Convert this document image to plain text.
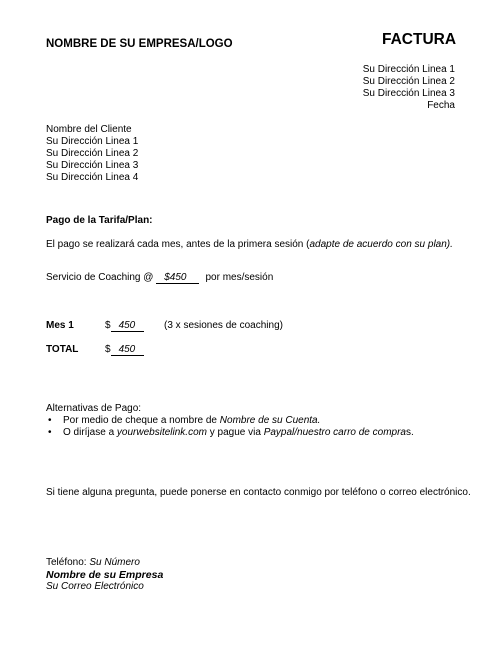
NOMBRE DE SU EMPRESA/LOGO	FACTURA
Su Dirección Linea 1
Su Dirección Linea 2
Su Dirección Linea 3
Fecha
Nombre del Cliente
Su Dirección Linea 1
Su Dirección Linea 2
Su Dirección Linea 3
Su Dirección Linea 4
Pago de la Tarifa/Plan:
El pago se realizará cada mes, antes de la primera sesión (adapte de acuerdo con su plan).
Servicio de Coaching @ $450 por mes/sesión
Mes 1	$ 450	(3 x sesiones de coaching)
TOTAL	$ 450
Alternativas de Pago:
• Por medio de cheque a nombre de Nombre de su Cuenta.
• O diríjase a yourwebsitelink.com y pague via Paypal/nuestro carro de compras.
Si tiene alguna pregunta, puede ponerse en contacto conmigo por teléfono o correo electrónico.
Teléfono: Su Número
Nombre de su Empresa
Su Correo Electrónico
